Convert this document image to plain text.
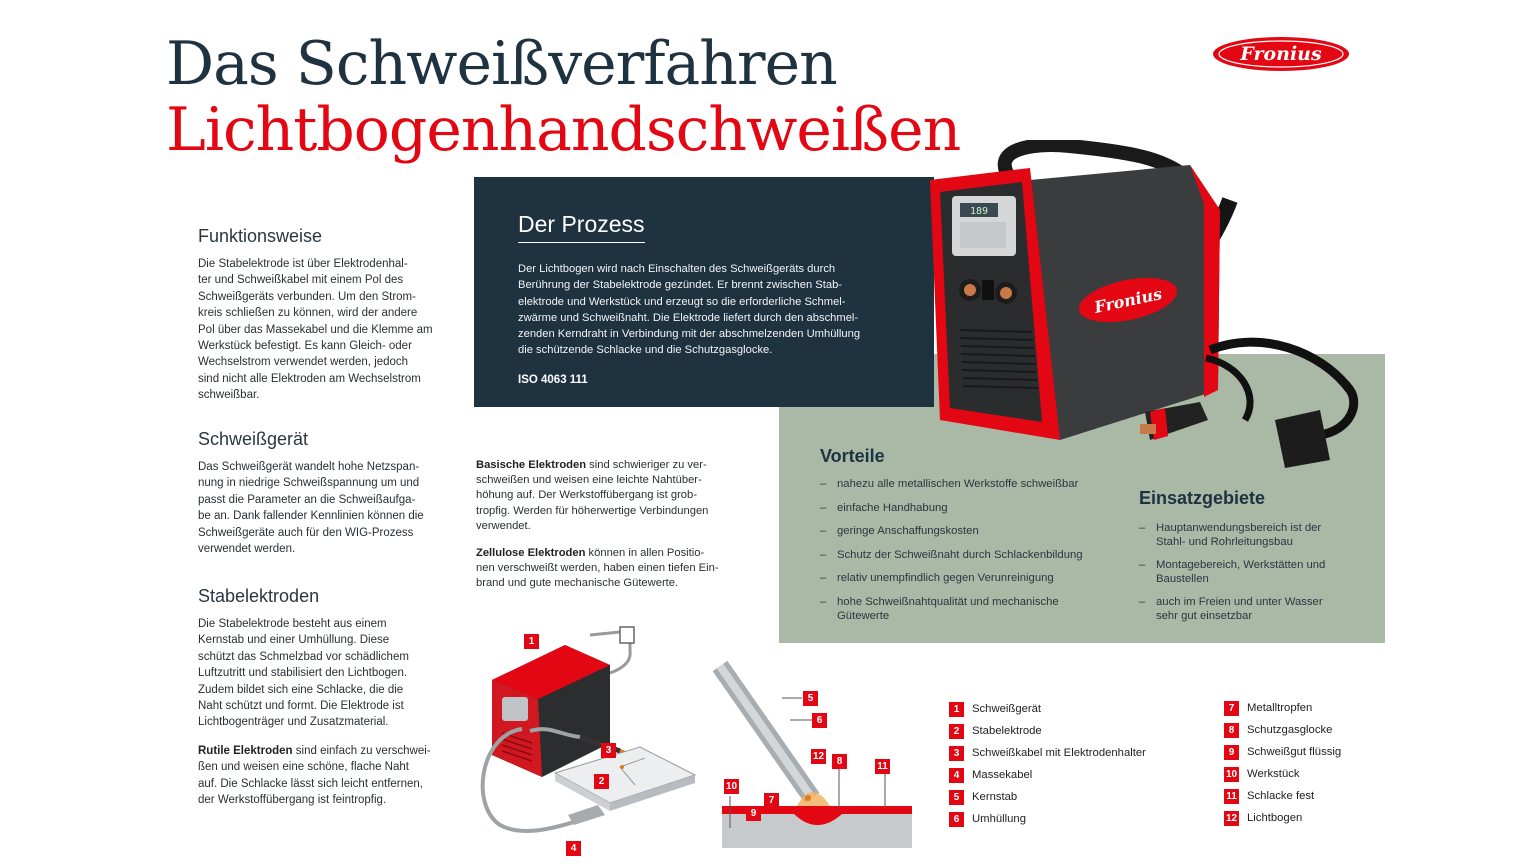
Das Schweißverfahren
Lichtbogenhandschweißen
Fronius
Funktionsweise
Die Stabelektrode ist über Elektrodenhal-
ter und Schweißkabel mit einem Pol des
Schweißgeräts verbunden. Um den Strom-
kreis schließen zu können, wird der andere
Pol über das Massekabel und die Klemme am
Werkstück befestigt. Es kann Gleich- oder
Wechselstrom verwendet werden, jedoch
sind nicht alle Elektroden am Wechselstrom
schweißbar.
Schweißgerät
Das Schweißgerät wandelt hohe Netzspan-
nung in niedrige Schweißspannung um und
passt die Parameter an die Schweißaufga-
be an. Dank fallender Kennlinien können die
Schweißgeräte auch für den WIG-Prozess
verwendet werden.
Stabelektroden
Die Stabelektrode besteht aus einem
Kernstab und einer Umhüllung. Diese
schützt das Schmelzbad vor schädlichem
Luftzutritt und stabilisiert den Lichtbogen.
Zudem bildet sich eine Schlacke, die die
Naht schützt und formt. Die Elektrode ist
Lichtbogenträger und Zusatzmaterial.
Rutile Elektroden sind einfach zu verschwei-
ßen und weisen eine schöne, flache Naht
auf. Die Schlacke lässt sich leicht entfernen,
der Werkstoffübergang ist feintropfig.
Basische Elektroden sind schwieriger zu ver-
schweißen und weisen eine leichte Nahtüber-
höhung auf. Der Werkstoffübergang ist grob-
tropfig. Werden für höherwertige Verbindungen
verwendet.
Zellulose Elektroden können in allen Positio-
nen verschweißt werden, haben einen tiefen Ein-
brand und gute mechanische Gütewerte.
Vorteile
– nahezu alle metallischen Werkstoffe schweißbar
– einfache Handhabung
– geringe Anschaffungskosten
– Schutz der Schweißnaht durch Schlackenbildung
– relativ unempfindlich gegen Verunreinigung
– hohe Schweißnahtqualität und mechanische
Gütewerte
Einsatzgebiete
– Hauptanwendungsbereich ist der
Stahl- und Rohrleitungsbau
– Montagebereich, Werkstätten und
Baustellen
– auch im Freien und unter Wasser
sehr gut einsetzbar
Der Prozess
Der Lichtbogen wird nach Einschalten des Schweißgeräts durch
Berührung der Stabelektrode gezündet. Er brennt zwischen Stab-
elektrode und Werkstück und erzeugt so die erforderliche Schmel-
zwärme und Schweißnaht. Die Elektrode liefert durch den abschmel-
zenden Kerndraht in Verbindung mit der abschmelzenden Umhüllung
die schützende Schlacke und die Schutzgasglocke.
ISO 4063 111
189
Fronius
1
2
3
4
5
6
7
8
9
10
11
12
1	Schweißgerät
2	Stabelektrode
3	Schweißkabel mit Elektrodenhalter
4	Massekabel
5	Kernstab
6	Umhüllung
7	Metalltropfen
8	Schutzgasglocke
9	Schweißgut flüssig
10 Werkstück
11 Schlacke fest
12 Lichtbogen
